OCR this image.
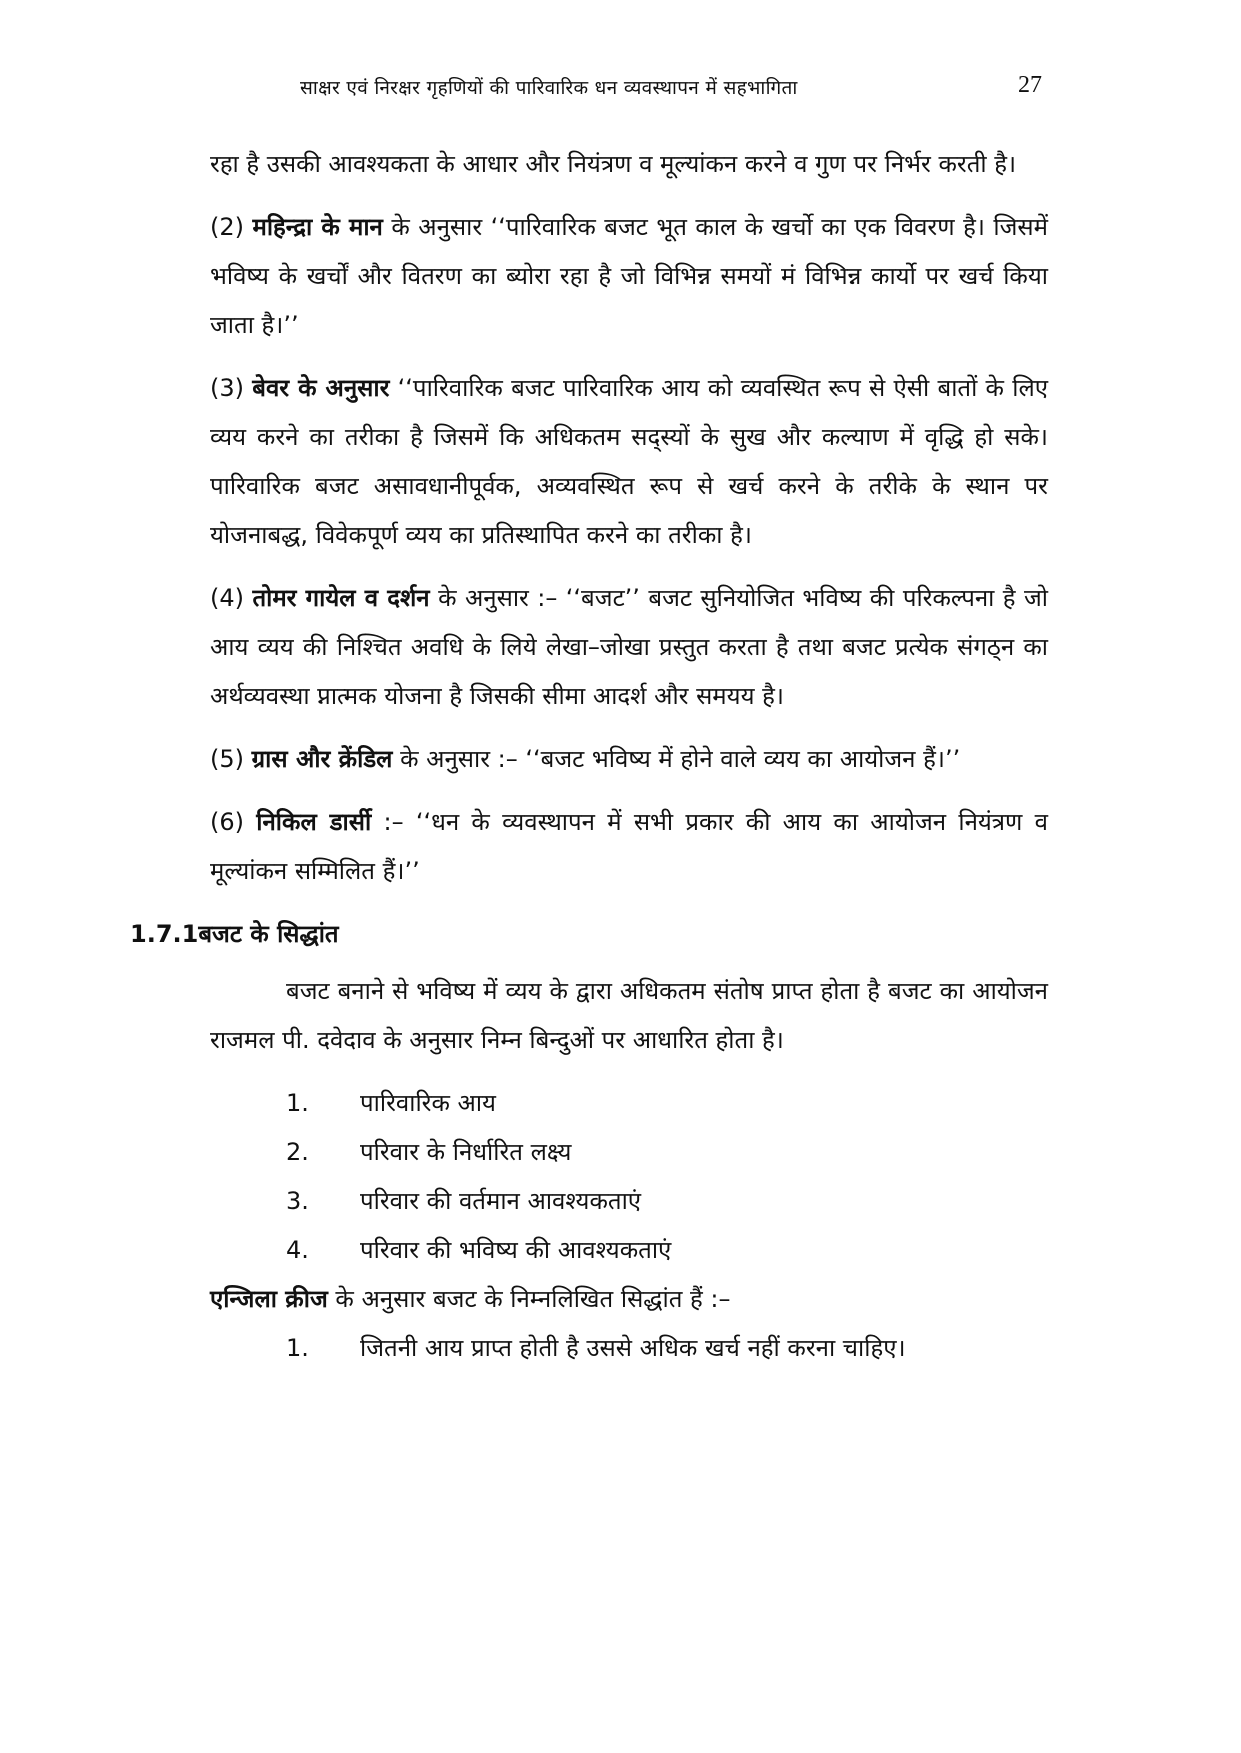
साक्षर एवं निरक्षर गृहणियों की पारिवारिक धन व्यवस्थापन में सहभागिता	27

रहा है उसकी आवश्यकता के आधार और नियंत्रण व मूल्यांकन करने व गुण पर निर्भर करती है।

(2) महिन्द्रा के मान के अनुसार ‘‘पारिवारिक बजट भूत काल के खर्चो का एक विवरण है। जिसमें भविष्य के खर्चों और वितरण का ब्योरा रहा है जो विभिन्न समयों मं विभिन्न कार्यो पर खर्च किया जाता है।’’

(3) बेवर के अनुसार ‘‘पारिवारिक बजट पारिवारिक आय को व्यवस्थित रूप से ऐसी बातों के लिए व्यय करने का तरीका है जिसमें कि अधिकतम सद्स्यों के सुख और कल्याण में वृद्धि हो सके। पारिवारिक बजट असावधानीपूर्वक, अव्यवस्थित रूप से खर्च करने के तरीके के स्थान पर योजनाबद्ध, विवेकपूर्ण व्यय का प्रतिस्थापित करने का तरीका है।

(4) तोमर गायेल व दर्शन के अनुसार :– ‘‘बजट’’ बजट सुनियोजित भविष्य की परिकल्पना है जो आय व्यय की निश्चित अवधि के लिये लेखा–जोखा प्रस्तुत करता है तथा बजट प्रत्येक संगठ्न का अर्थव्यवस्था प्नात्मक योजना है जिसकी सीमा आदर्श और समयय है।

(5) ग्रास और क्रेंडिल के अनुसार :– ‘‘बजट भविष्य में होने वाले व्यय का आयोजन हैं।’’

(6) निकिल डार्सी :– ‘‘धन के व्यवस्थापन में सभी प्रकार की आय का आयोजन नियंत्रण व मूल्यांकन सम्मिलित हैं।’’

1.7.1बजट के सिद्धांत

बजट बनाने से भविष्य में व्यय के द्वारा अधिकतम संतोष प्राप्त होता है बजट का आयोजन राजमल पी. दवेदाव के अनुसार निम्न बिन्दुओं पर आधारित होता है।

1.	पारिवारिक आय
2.	परिवार के निर्धारित लक्ष्य
3.	परिवार की वर्तमान आवश्यकताएं
4.	परिवार की भविष्य की आवश्यकताएं

एन्जिला क्रीज के अनुसार बजट के निम्नलिखित सिद्धांत हैं :–

1.	जितनी आय प्राप्त होती है उससे अधिक खर्च नहीं करना चाहिए।
